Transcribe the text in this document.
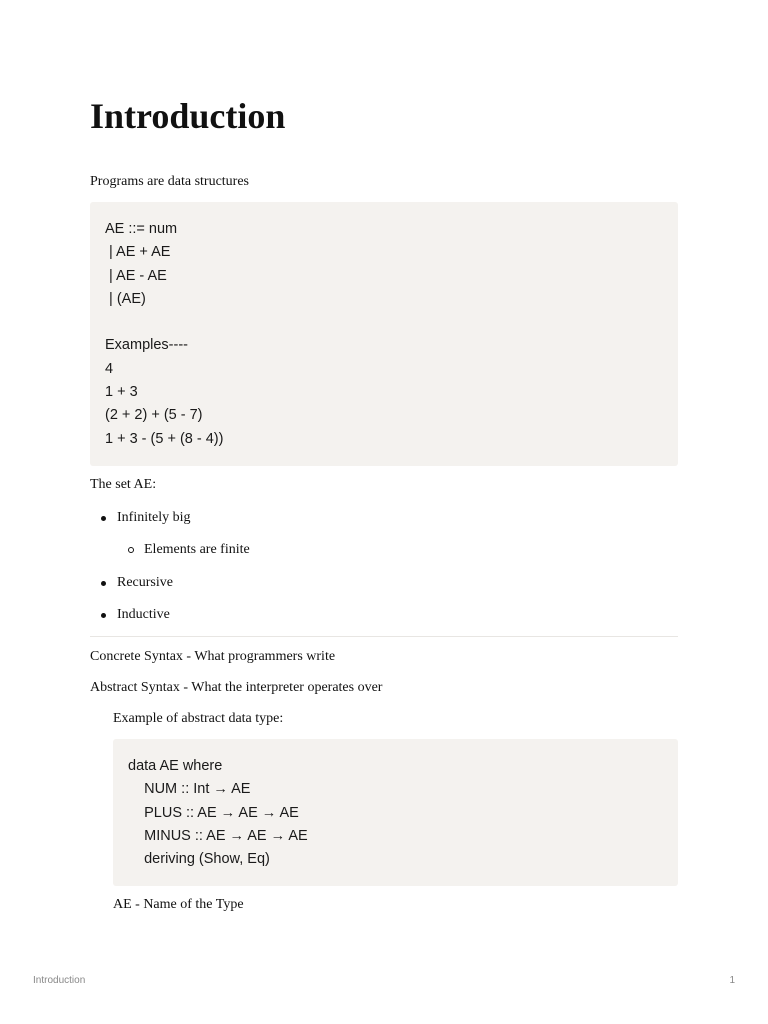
Introduction

Programs are data structures

AE ::= num
| AE + AE
| AE - AE
| (AE)

Examples----
4
1 + 3
(2 + 2) + (5 - 7)
1 + 3 - (5 + (8 - 4))

The set AE:

Infinitely big
Elements are finite
Recursive
Inductive

Concrete Syntax - What programmers write

Abstract Syntax - What the interpreter operates over

Example of abstract data type:

data AE where
NUM :: Int → AE
PLUS :: AE → AE → AE
MINUS :: AE → AE → AE
deriving (Show, Eq)

AE - Name of the Type

Introduction	1
